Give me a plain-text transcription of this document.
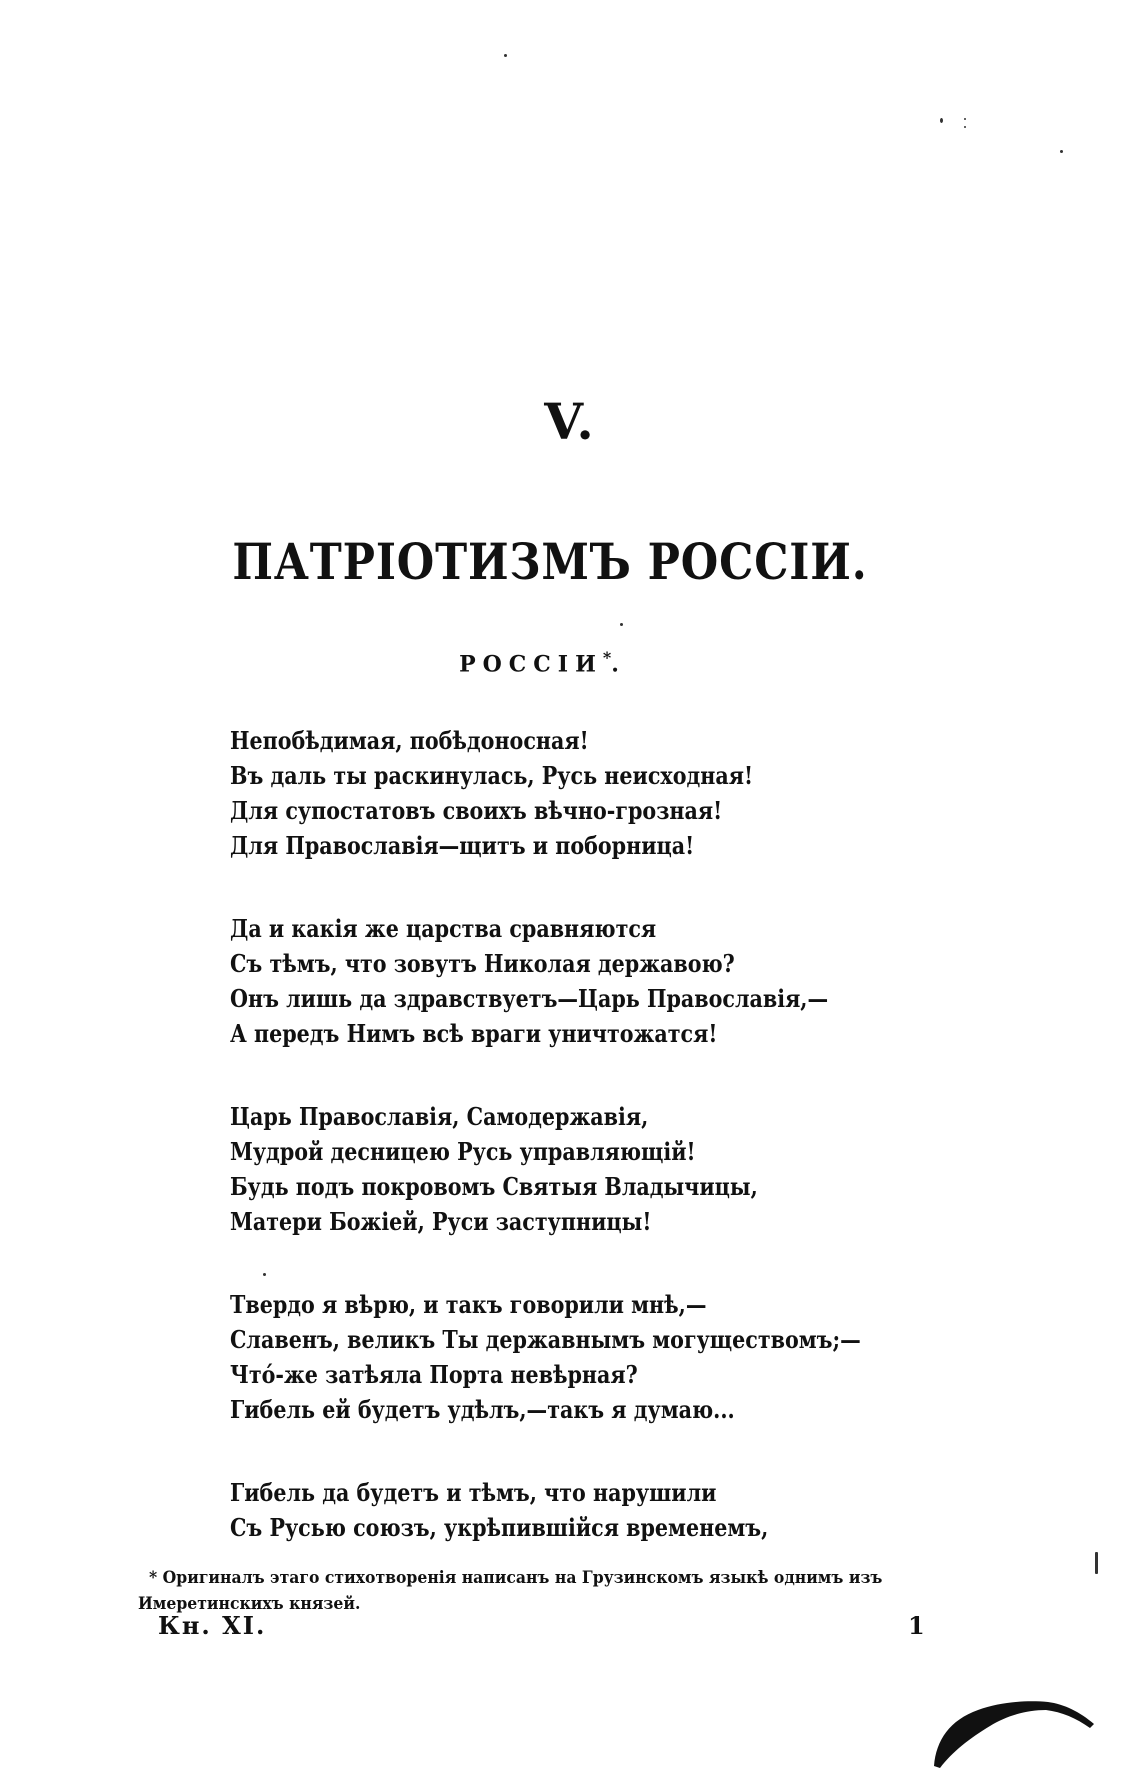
V.
ПАТРІОТИЗМЪ РОССІИ.
РОССІИ*.
Непобѣдимая, побѣдоносная!
Въ даль ты раскинулась, Русь неисходная!
Для супостатовъ своихъ вѣчно-грозная!
Для Православія—щитъ и поборница!
Да и какія же царства сравняются
Съ тѣмъ, что зовутъ Николая державою?
Онъ лишь да здравствуетъ—Царь Православія,—
А передъ Нимъ всѣ враги уничтожатся!
Царь Православія, Самодержавія,
Мудрой десницею Русь управляющій!
Будь подъ покровомъ Святыя Владычицы,
Матери Божіей, Руси заступницы!
Твердо я вѣрю, и такъ говорили мнѣ,—
Славенъ, великъ Ты державнымъ могуществомъ;—
Чтó-же затѣяла Порта невѣрная?
Гибель ей будетъ удѣлъ,—такъ я думаю...
Гибель да будетъ и тѣмъ, что нарушили
Съ Русью союзъ, укрѣпившійся временемъ,
* Оригиналъ этаго стихотворенія написанъ на Грузинскомъ языкѣ однимъ изъ Имеретинскихъ князей.
Кн. XI.	1
